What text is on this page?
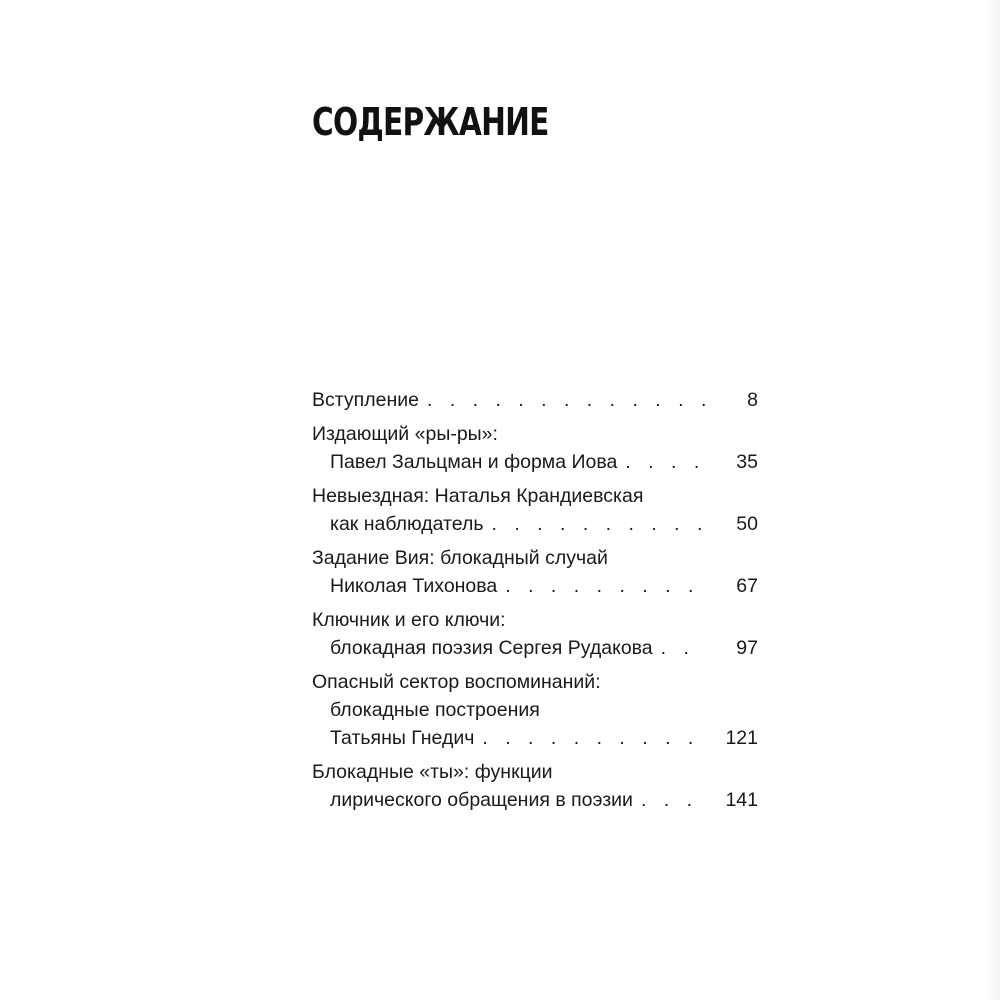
СОДЕРЖАНИЕ
Вступление . . .	8
Издающий «ры-ры»:
Павел Зальцман и форма Иова . . .	35
Невыездная: Наталья Крандиевская
как наблюдатель . . .	50
Задание Вия: блокадный случай
Николая Тихонова . . .	67
Ключник и его ключи:
блокадная поэзия Сергея Рудакова . . .	97
Опасный сектор воспоминаний:
блокадные построения
Татьяны Гнедич . . .	121
Блокадные «ты»: функции
лирического обращения в поэзии . . .	141
